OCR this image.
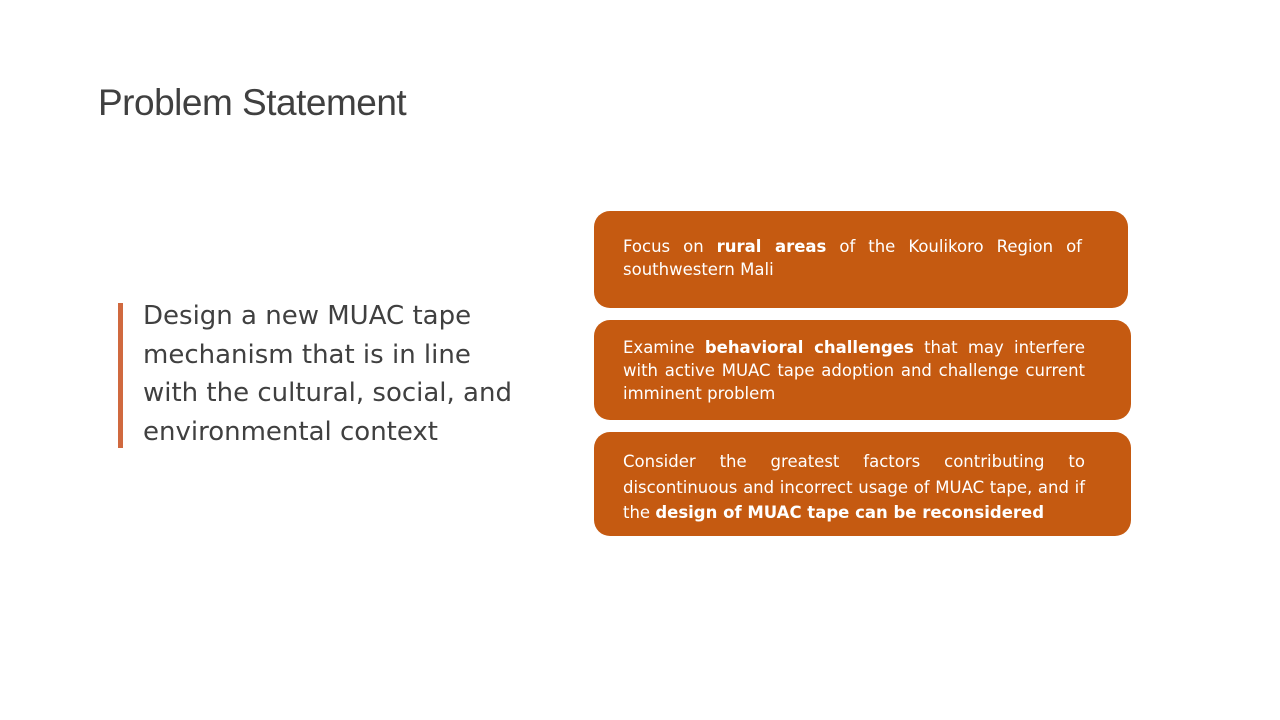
Problem Statement

Design a new MUAC tape mechanism that is in line with the cultural, social, and environmental context

Focus on rural areas of the Koulikoro Region of southwestern Mali

Examine behavioral challenges that may interfere with active MUAC tape adoption and challenge current imminent problem

Consider the greatest factors contributing to discontinuous and incorrect usage of MUAC tape, and if the design of MUAC tape can be reconsidered
